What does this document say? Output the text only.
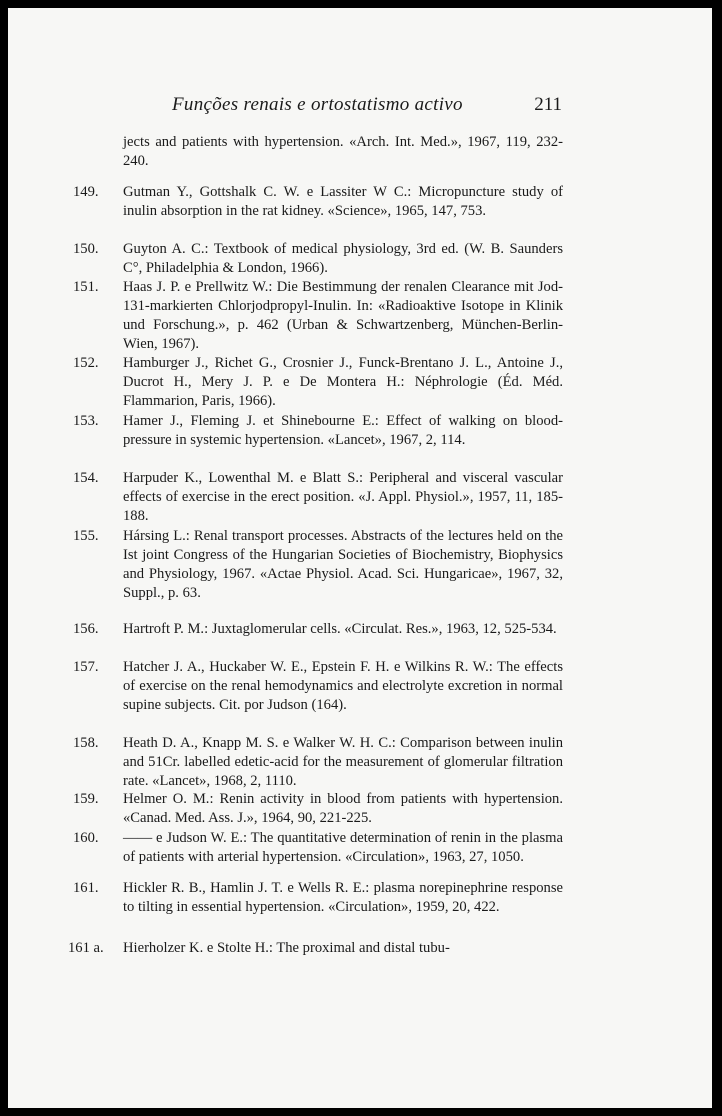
Funções renais e ortostatismo activo	211
jects and patients with hypertension. «Arch. Int. Med.», 1967, 119, 232-240.
149.	Gutman Y., Gottshalk C. W. e Lassiter W C.: Micropuncture study of inulin absorption in the rat kidney. «Science», 1965, 147, 753.
150.	Guyton A. C.: Textbook of medical physiology, 3rd ed. (W. B. Saunders C°, Philadelphia & London, 1966).
151.	Haas J. P. e Prellwitz W.: Die Bestimmung der renalen Clearance mit Jod-131-markierten Chlorjodpropyl-Inulin. In: «Radioaktive Isotope in Klinik und Forschung.», p. 462 (Urban & Schwartzenberg, München-Berlin-Wien, 1967).
152.	Hamburger J., Richet G., Crosnier J., Funck-Brentano J. L., Antoine J., Ducrot H., Mery J. P. e De Montera H.: Néphrologie (Éd. Méd. Flammarion, Paris, 1966).
153.	Hamer J., Fleming J. et Shinebourne E.: Effect of walking on blood-pressure in systemic hypertension. «Lancet», 1967, 2, 114.
154.	Harpuder K., Lowenthal M. e Blatt S.: Peripheral and visceral vascular effects of exercise in the erect position. «J. Appl. Physiol.», 1957, 11, 185-188.
155.	Hársing L.: Renal transport processes. Abstracts of the lectures held on the Ist joint Congress of the Hungarian Societies of Biochemistry, Biophysics and Physiology, 1967. «Actae Physiol. Acad. Sci. Hungaricae», 1967, 32, Suppl., p. 63.
156.	Hartroft P. M.: Juxtaglomerular cells. «Circulat. Res.», 1963, 12, 525-534.
157.	Hatcher J. A., Huckaber W. E., Epstein F. H. e Wilkins R. W.: The effects of exercise on the renal hemodynamics and electrolyte excretion in normal supine subjects. Cit. por Judson (164).
158.	Heath D. A., Knapp M. S. e Walker W. H. C.: Comparison between inulin and 51Cr. labelled edetic-acid for the measurement of glomerular filtration rate. «Lancet», 1968, 2, 1110.
159.	Helmer O. M.: Renin activity in blood from patients with hypertension. «Canad. Med. Ass. J.», 1964, 90, 221-225.
160.	—— e Judson W. E.: The quantitative determination of renin in the plasma of patients with arterial hypertension. «Circulation», 1963, 27, 1050.
161.	Hickler R. B., Hamlin J. T. e Wells R. E.: plasma norepinephrine response to tilting in essential hypertension. «Circulation», 1959, 20, 422.
161 a.	Hierholzer K. e Stolte H.: The proximal and distal tubu-
